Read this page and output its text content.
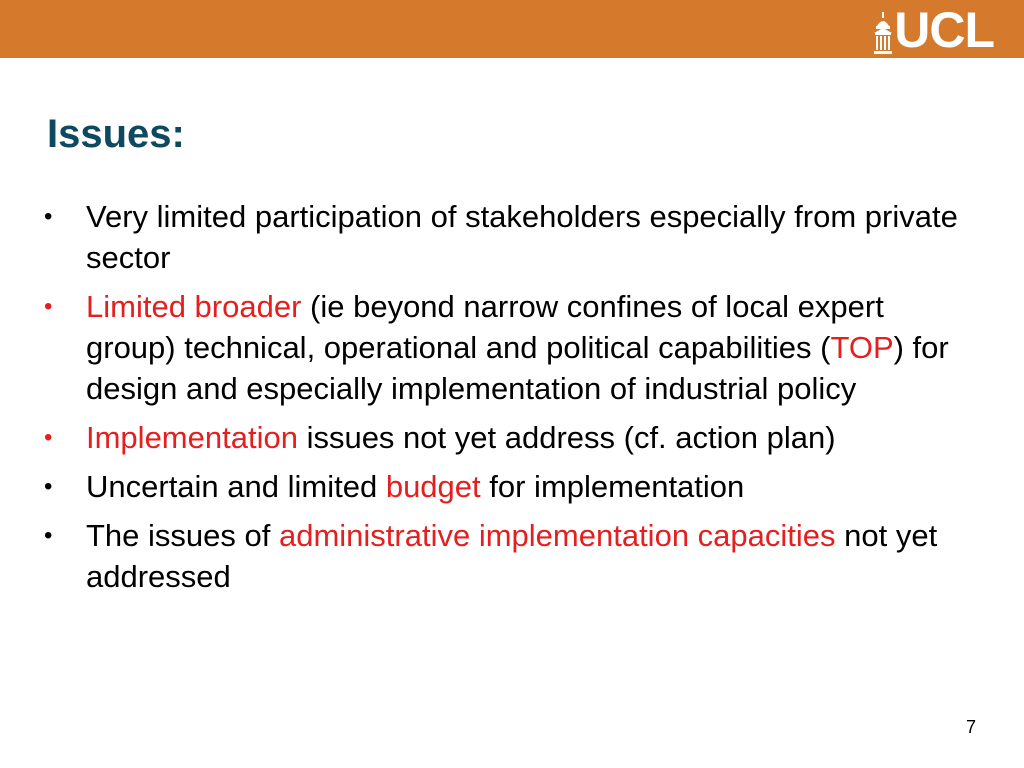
UCL
Issues:
• Very limited participation of stakeholders especially from private sector
• Limited broader (ie beyond narrow confines of local expert group) technical, operational and political capabilities (TOP) for design and especially implementation of industrial policy
• Implementation issues not yet address (cf. action plan)
• Uncertain and limited budget for implementation
• The issues of administrative implementation capacities not yet addressed
7
